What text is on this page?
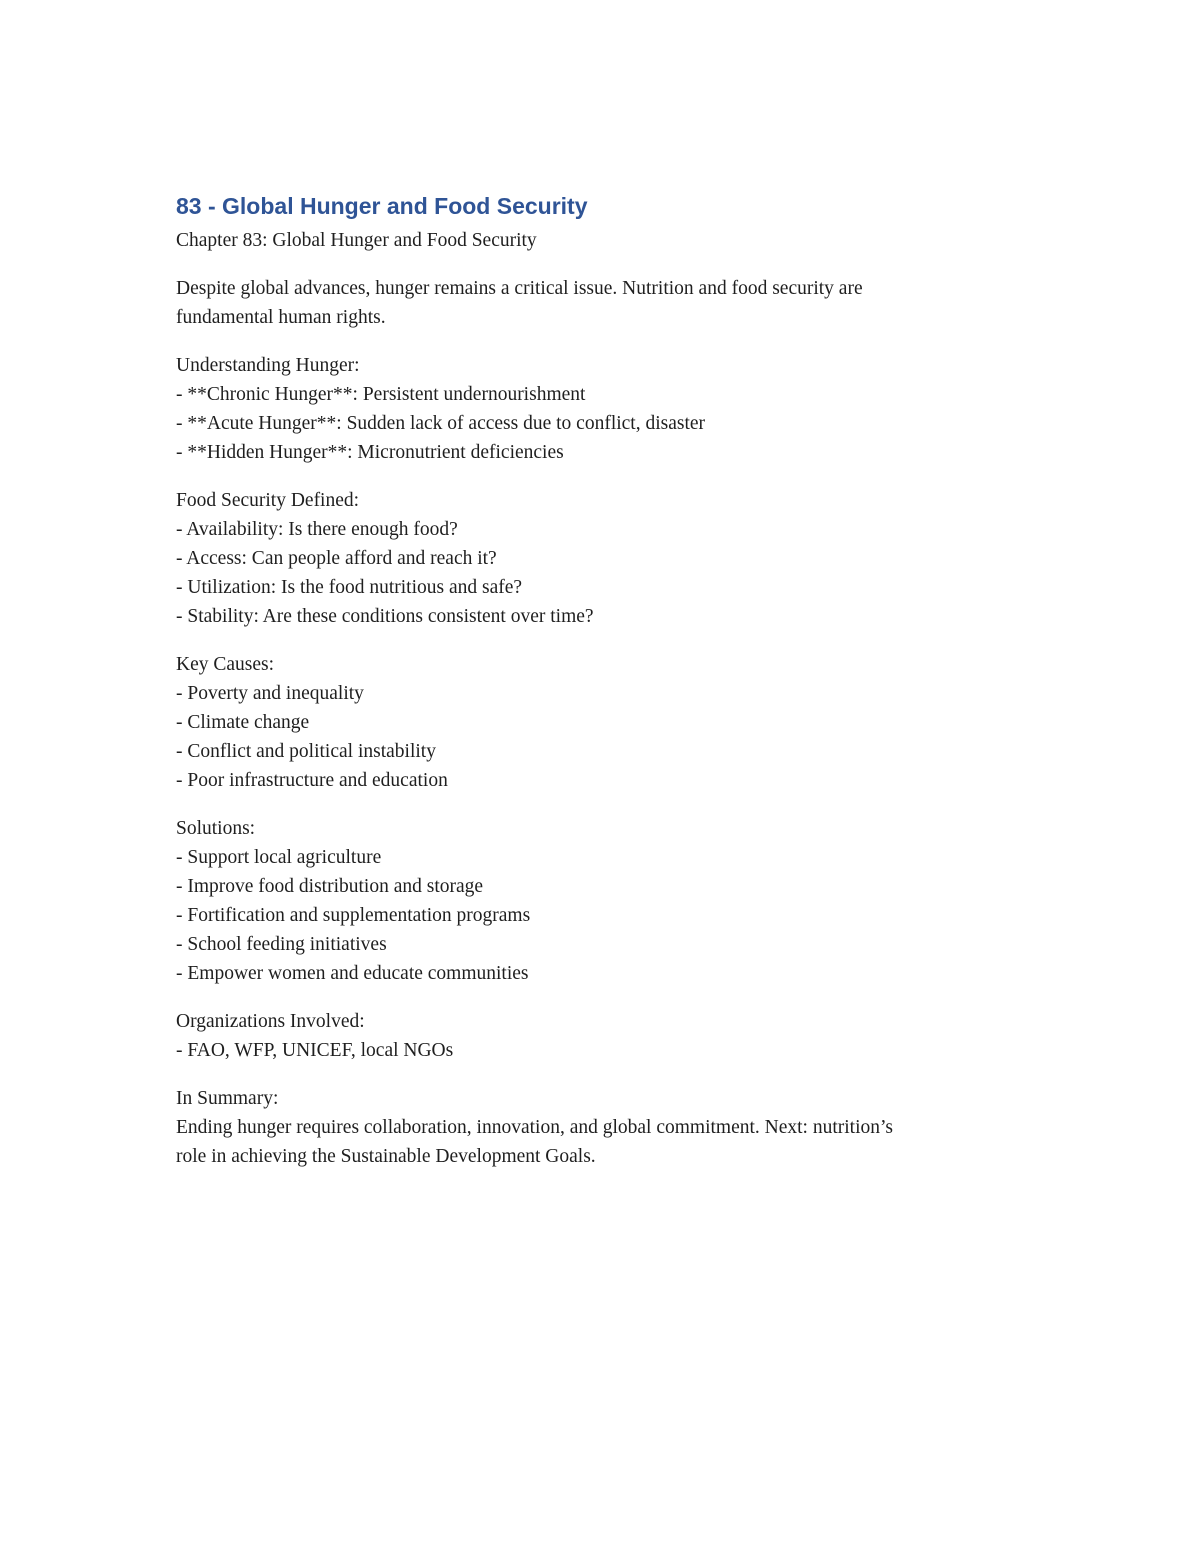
83 - Global Hunger and Food Security
Chapter 83: Global Hunger and Food Security
Despite global advances, hunger remains a critical issue. Nutrition and food security are
fundamental human rights.
Understanding Hunger:
- **Chronic Hunger**: Persistent undernourishment
- **Acute Hunger**: Sudden lack of access due to conflict, disaster
- **Hidden Hunger**: Micronutrient deficiencies
Food Security Defined:
- Availability: Is there enough food?
- Access: Can people afford and reach it?
- Utilization: Is the food nutritious and safe?
- Stability: Are these conditions consistent over time?
Key Causes:
- Poverty and inequality
- Climate change
- Conflict and political instability
- Poor infrastructure and education
Solutions:
- Support local agriculture
- Improve food distribution and storage
- Fortification and supplementation programs
- School feeding initiatives
- Empower women and educate communities
Organizations Involved:
- FAO, WFP, UNICEF, local NGOs
In Summary:
Ending hunger requires collaboration, innovation, and global commitment. Next: nutrition’s
role in achieving the Sustainable Development Goals.
